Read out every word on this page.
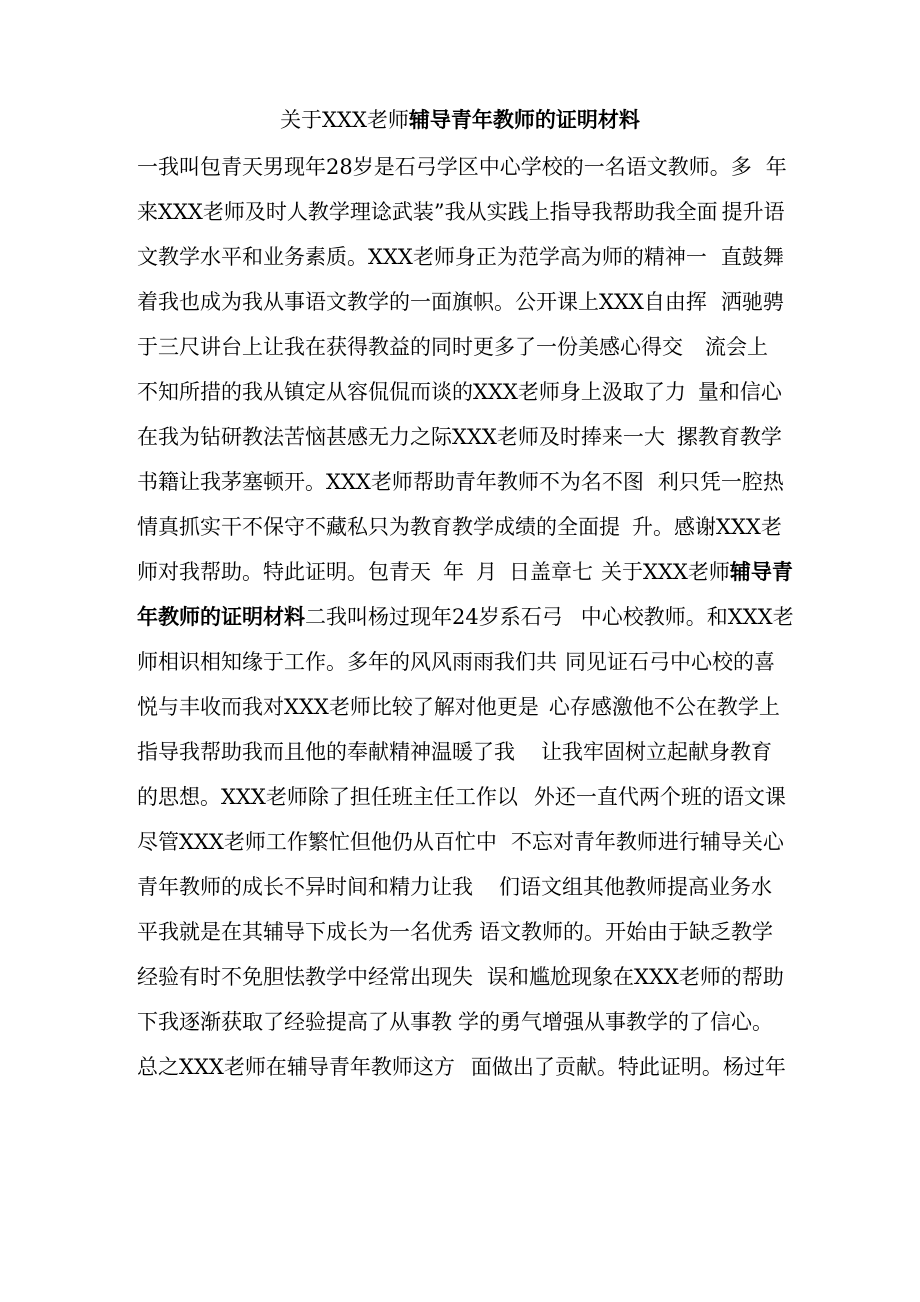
关于XXX老师辅导青年教师的证明材料
一我叫包青天男现年28岁是石弓学区中心学校的一名语文教师。多 年
来XXX老师及时人教学理谂武装”我从实践上指导我帮助我全面 提升语
文教学水平和业务素质。XXX老师身正为范学高为师的精神一 直鼓舞
着我也成为我从事语文教学的一面旗帜。公开课上XXX自由挥 洒驰骋
于三尺讲台上让我在获得教益的同时更多了一份美感心得交 流会上
不知所措的我从镇定从容侃侃而谈的XXX老师身上汲取了力 量和信心
在我为钻研教法苦恼甚感无力之际XXX老师及时捧来一大 摞教育教学
书籍让我茅塞顿开。XXX老师帮助青年教师不为名不图 利只凭一腔热
情真抓实干不保守不藏私只为教育教学成绩的全面提 升。感谢XXX老
师对我帮助。特此证明。包青天 年 月 日盖章七 关于XXX老师辅导青
年教师的证明材料二我叫杨过现年24岁系石弓 中心校教师。和XXX老
师相识相知缘于工作。多年的风风雨雨我们共 同见证石弓中心校的喜
悦与丰收而我对XXX老师比较了解对他更是 心存感激他不公在教学上
指导我帮助我而且他的奉献精神温暖了我 让我牢固树立起献身教育
的思想。XXX老师除了担任班主任工作以 外还一直代两个班的语文课
尽管XXX老师工作繁忙但他仍从百忙中 不忘对青年教师进行辅导关心
青年教师的成长不异时间和精力让我 们语文组其他教师提高业务水
平我就是在其辅导下成长为一名优秀 语文教师的。开始由于缺乏教学
经验有时不免胆怯教学中经常出现失 误和尴尬现象在XXX老师的帮助
下我逐渐获取了经验提高了从事教 学的勇气增强从事教学的了信心。
总之XXX老师在辅导青年教师这方 面做出了贡献。特此证明。杨过年
